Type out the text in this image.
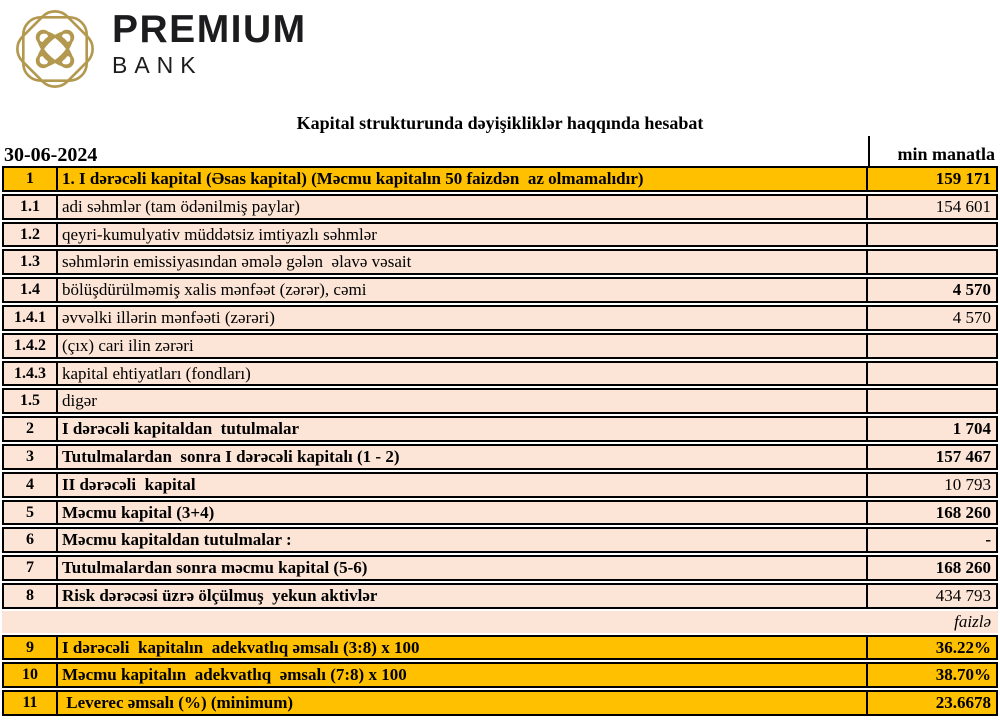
PREMIUM
BANK
Kapital strukturunda dəyişikliklər haqqında hesabat
30-06-2024	min manatla
1	1. I dərəcəli kapital (Əsas kapital) (Məcmu kapitalın 50 faizdən  az olmamalıdır)	159 171
1.1	adi səhmlər (tam ödənilmiş paylar)	154 601
1.2	qeyri-kumulyativ müddətsiz imtiyazlı səhmlər	
1.3	səhmlərin emissiyasından əmələ gələn  əlavə vəsait	
1.4	bölüşdürülməmiş xalis mənfəət (zərər), cəmi	4 570
1.4.1	əvvəlki illərin mənfəəti (zərəri)	4 570
1.4.2	(çıx) cari ilin zərəri	
1.4.3	kapital ehtiyatları (fondları)	
1.5	digər	
2	I dərəcəli kapitaldan  tutulmalar	1 704
3	Tutulmalardan  sonra I dərəcəli kapitalı (1 - 2)	157 467
4	II dərəcəli  kapital	10 793
5	Məcmu kapital (3+4)	168 260
6	Məcmu kapitaldan tutulmalar :	-
7	Tutulmalardan sonra məcmu kapital (5-6)	168 260
8	Risk dərəcəsi üzrə ölçülmuş  yekun aktivlər	434 793
faizlə		
9	I dərəcəli  kapitalın  adekvatlıq əmsalı (3:8) x 100	36.22%
10	Məcmu kapitalın  adekvatlıq  əmsalı (7:8) x 100	38.70%
11	Leverec əmsalı (%) (minimum)	23.6678
